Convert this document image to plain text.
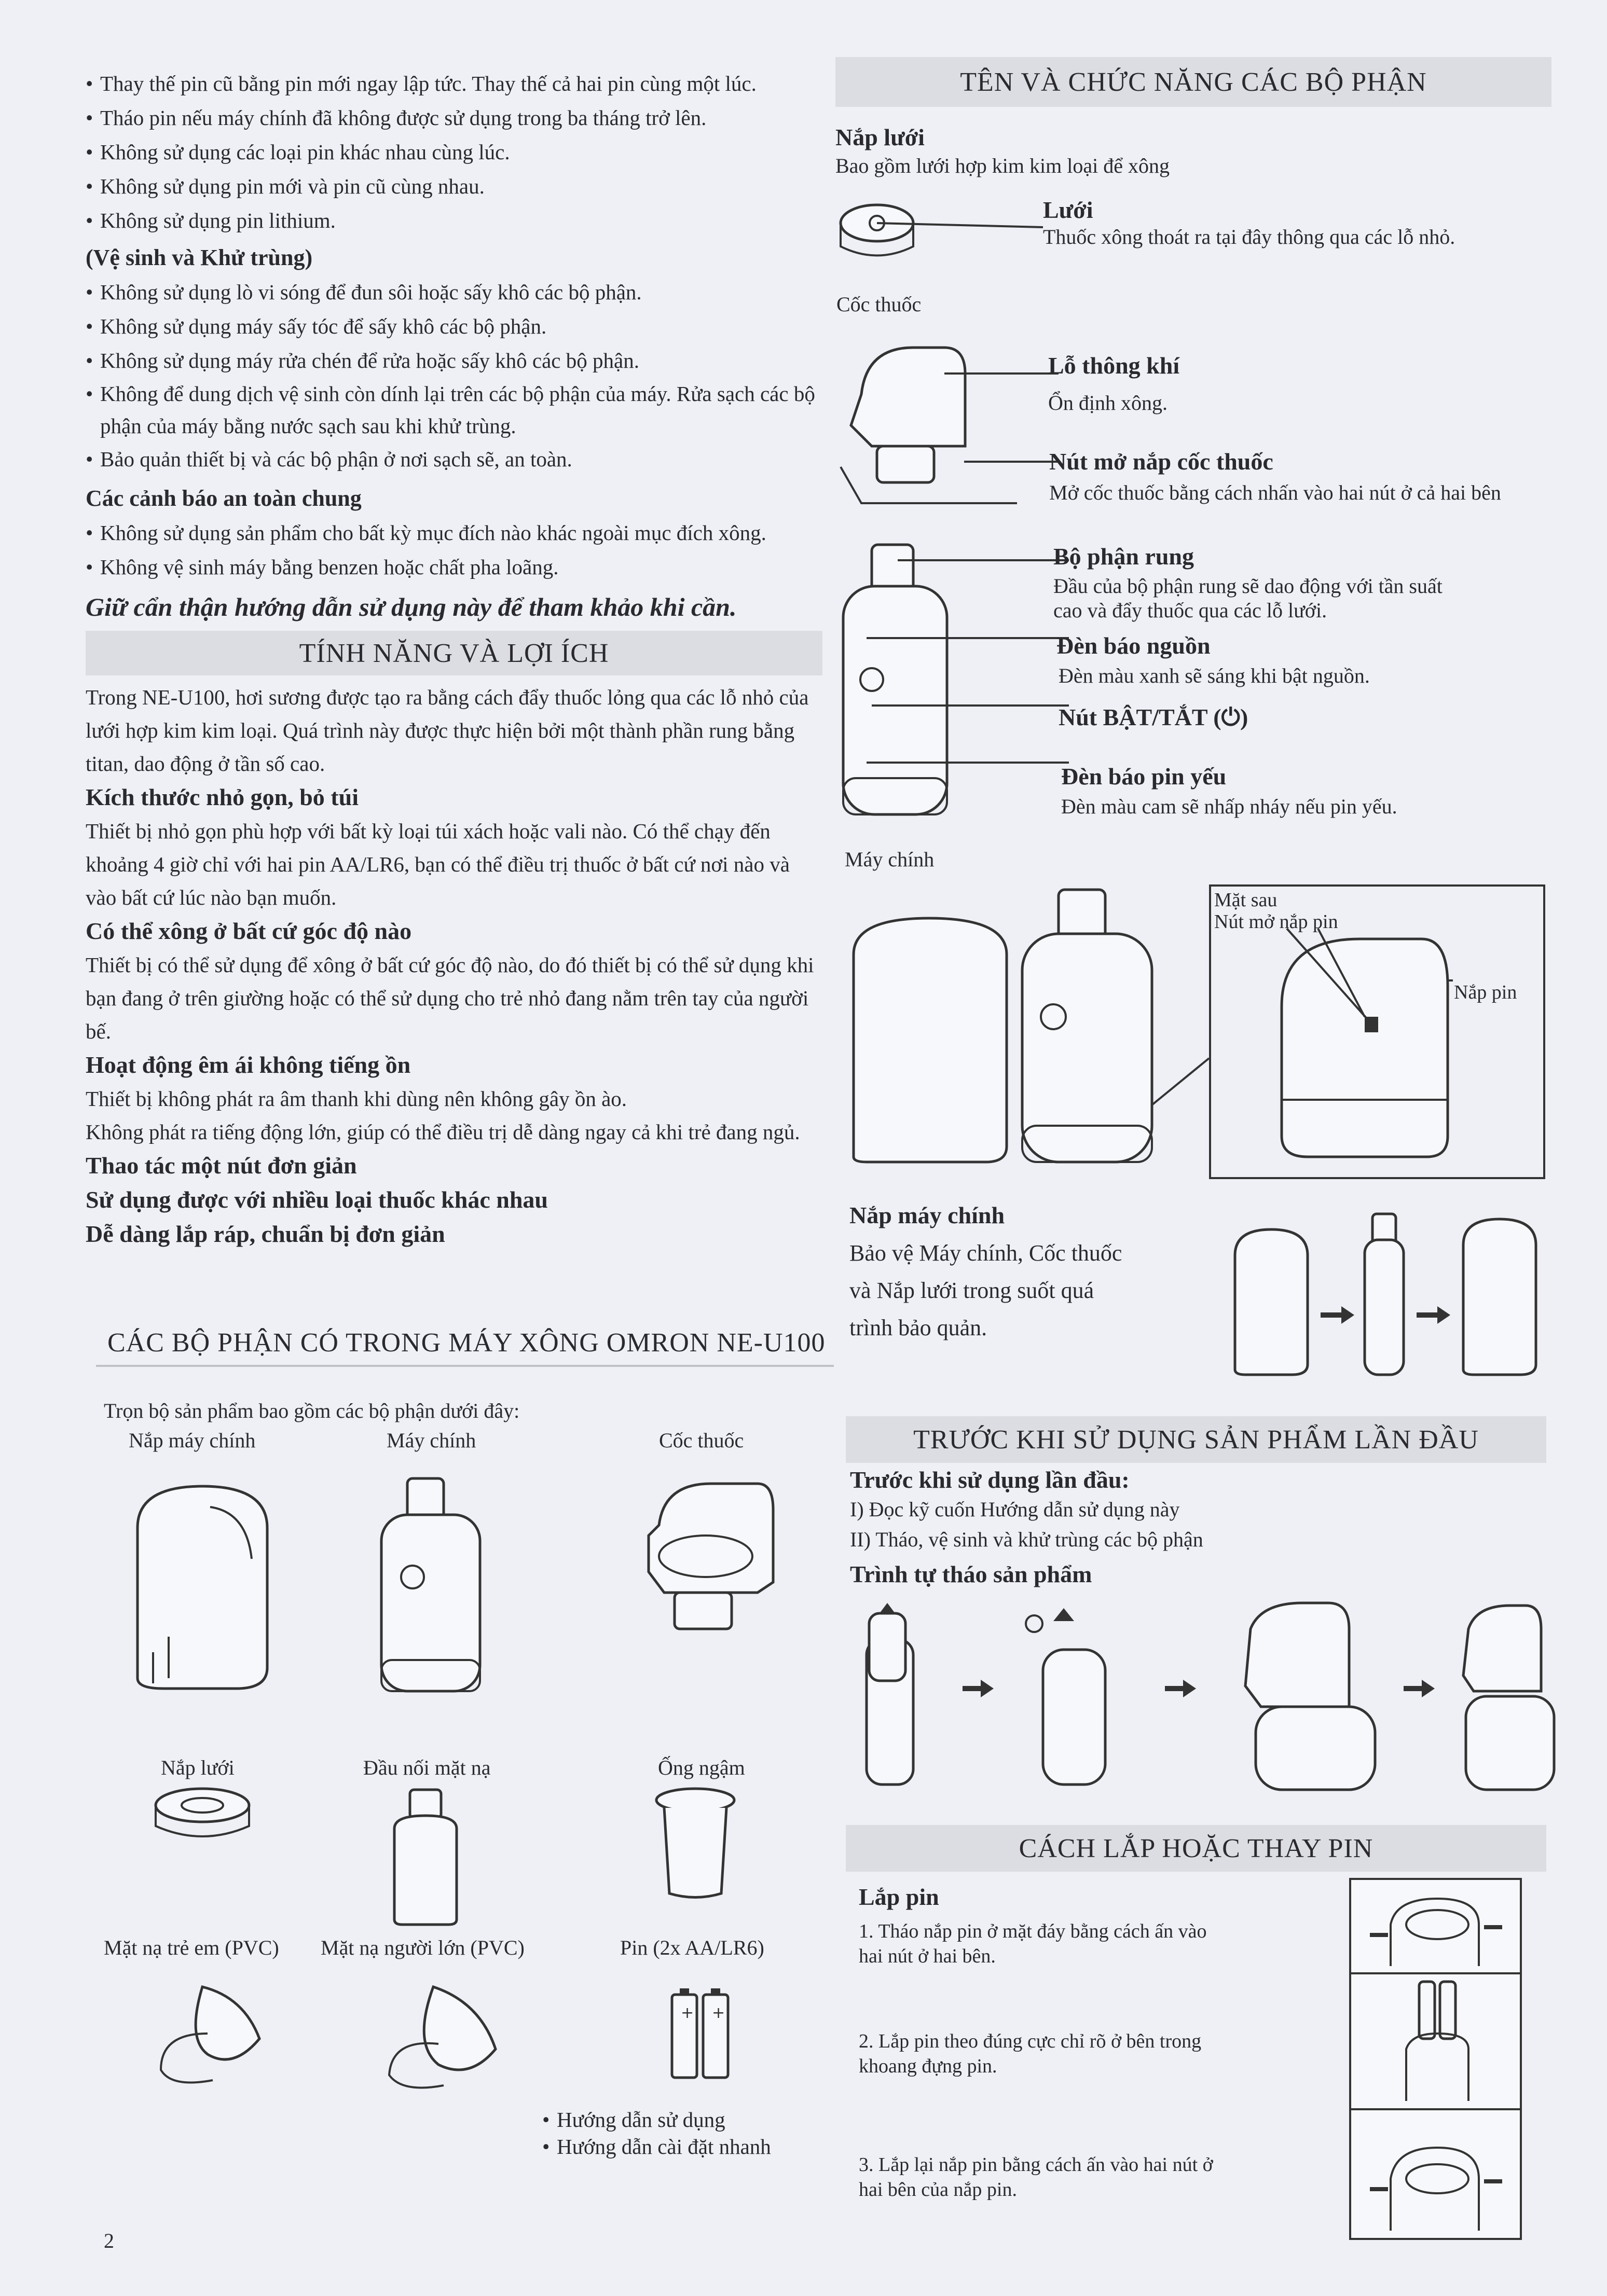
• Thay thế pin cũ bằng pin mới ngay lập tức. Thay thế cả hai pin cùng một lúc.

• Tháo pin nếu máy chính đã không được sử dụng trong ba tháng trở lên.

• Không sử dụng các loại pin khác nhau cùng lúc.

• Không sử dụng pin mới và pin cũ cùng nhau.

• Không sử dụng pin lithium.

(Vệ sinh và Khử trùng)

• Không sử dụng lò vi sóng để đun sôi hoặc sấy khô các bộ phận.

• Không sử dụng máy sấy tóc để sấy khô các bộ phận.

• Không sử dụng máy rửa chén để rửa hoặc sấy khô các bộ phận.

• Không để dung dịch vệ sinh còn dính lại trên các bộ phận của máy. Rửa sạch các bộ phận của máy bằng nước sạch sau khi khử trùng.

• Bảo quản thiết bị và các bộ phận ở nơi sạch sẽ, an toàn.

Các cảnh báo an toàn chung

• Không sử dụng sản phẩm cho bất kỳ mục đích nào khác ngoài mục đích xông.

• Không vệ sinh máy bằng benzen hoặc chất pha loãng.

Giữ cẩn thận hướng dẫn sử dụng này để tham khảo khi cần.

TÍNH NĂNG VÀ LỢI ÍCH

Trong NE-U100, hơi sương được tạo ra bằng cách đẩy thuốc lỏng qua các lỗ nhỏ của lưới hợp kim kim loại. Quá trình này được thực hiện bởi một thành phần rung bằng titan, dao động ở tần số cao.

Kích thước nhỏ gọn, bỏ túi

Thiết bị nhỏ gọn phù hợp với bất kỳ loại túi xách hoặc vali nào. Có thể chạy đến khoảng 4 giờ chỉ với hai pin AA/LR6, bạn có thể điều trị thuốc ở bất cứ nơi nào và vào bất cứ lúc nào bạn muốn.

Có thể xông ở bất cứ góc độ nào

Thiết bị có thể sử dụng để xông ở bất cứ góc độ nào, do đó thiết bị có thể sử dụng khi bạn đang ở trên giường hoặc có thể sử dụng cho trẻ nhỏ đang nằm trên tay của người bế.

Hoạt động êm ái không tiếng ồn

Thiết bị không phát ra âm thanh khi dùng nên không gây ồn ào.

Không phát ra tiếng động lớn, giúp có thể điều trị dễ dàng ngay cả khi trẻ đang ngủ.

Thao tác một nút đơn giản

Sử dụng được với nhiều loại thuốc khác nhau

Dễ dàng lắp ráp, chuẩn bị đơn giản

CÁC BỘ PHẬN CÓ TRONG MÁY XÔNG OMRON NE-U100

Trọn bộ sản phẩm bao gồm các bộ phận dưới đây:

Nắp máy chính	Máy chính	Cốc thuốc
Nắp lưới	Đầu nối mặt nạ	Ống ngậm
Mặt nạ trẻ em (PVC) Mặt nạ người lớn (PVC)	Pin (2x AA/LR6)
+ +

• Hướng dẫn sử dụng

• Hướng dẫn cài đặt nhanh

2
TÊN VÀ CHỨC NĂNG CÁC BỘ PHẬN
Nắp lưới
Bao gồm lưới hợp kim kim loại để xông
Lưới
Thuốc xông thoát ra tại đây thông qua các lỗ nhỏ.
Cốc thuốc
Lỗ thông khí
Ổn định xông.
Nút mở nắp cốc thuốc
Mở cốc thuốc bằng cách nhấn vào hai nút ở cả hai bên
Bộ phận rung
Đầu của bộ phận rung sẽ dao động với tần suất
cao và đẩy thuốc qua các lỗ lưới.
Đèn báo nguồn
Đèn màu xanh sẽ sáng khi bật nguồn.
Nút BẬT/TẮT (⏻)
Đèn báo pin yếu
Đèn màu cam sẽ nhấp nháy nếu pin yếu.
Máy chính
Mặt sau
Nút mở nắp pin
Nắp pin
Nắp máy chính
Bảo vệ Máy chính, Cốc thuốc
và Nắp lưới trong suốt quá
trình bảo quản.
TRƯỚC KHI SỬ DỤNG SẢN PHẨM LẦN ĐẦU
Trước khi sử dụng lần đầu:
I) Đọc kỹ cuốn Hướng dẫn sử dụng này
II) Tháo, vệ sinh và khử trùng các bộ phận
Trình tự tháo sản phẩm
CÁCH LẮP HOẶC THAY PIN
Lắp pin
1. Tháo nắp pin ở mặt đáy bằng cách ấn vào
hai nút ở hai bên.
2. Lắp pin theo đúng cực chỉ rõ ở bên trong
khoang đựng pin.
3. Lắp lại nắp pin bằng cách ấn vào hai nút ở
hai bên của nắp pin.
